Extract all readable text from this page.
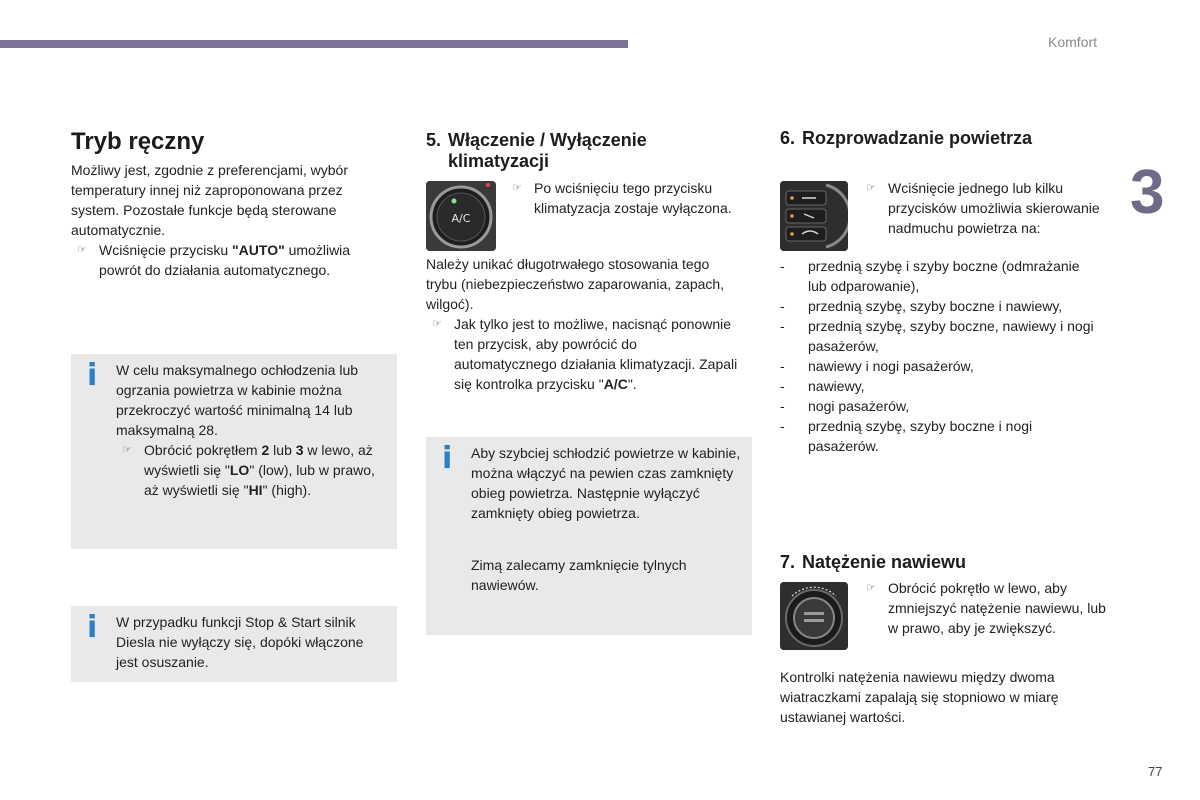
Komfort
3
77
Tryb ręczny

Możliwy jest, zgodnie z preferencjami, wybór temperatury innej niż zaproponowana przez system. Pozostałe funkcje będą sterowane automatycznie.

☞ Wciśnięcie przycisku "AUTO" umożliwia powrót do działania automatycznego.
i W celu maksymalnego ochłodzenia lub ogrzania powietrza w kabinie można przekroczyć wartość minimalną 14 lub maksymalną 28.

☞ Obrócić pokrętłem 2 lub 3 w lewo, aż wyświetli się "LO" (low), lub w prawo, aż wyświetli się "HI" (high).
i W przypadku funkcji Stop & Start silnik Diesla nie wyłączy się, dopóki włączone jest osuszanie.

5. Włączenie / Wyłączenie
klimatyzacji
A/C
☞ Po wciśnięciu tego przycisku klimatyzacja zostaje wyłączona.

Należy unikać długotrwałego stosowania tego trybu (niebezpieczeństwo zaparowania, zapach, wilgoć).

☞ Jak tylko jest to możliwe, nacisnąć ponownie ten przycisk, aby powrócić do automatycznego działania klimatyzacji. Zapali się kontrolka przycisku "A/C".
i Aby szybciej schłodzić powietrze w kabinie, można włączyć na pewien czas zamknięty obieg powietrza. Następnie wyłączyć zamknięty obieg powietrza.

Zimą zalecamy zamknięcie tylnych nawiewów.

6. Rozprowadzanie powietrza
☞ Wciśnięcie jednego lub kilku przycisków umożliwia skierowanie nadmuchu powietrza na:
- przednią szybę i szyby boczne (odmrażanie lub odparowanie),
- przednią szybę, szyby boczne i nawiewy,
- przednią szybę, szyby boczne, nawiewy i nogi pasażerów,
- nawiewy i nogi pasażerów,
- nawiewy,
- nogi pasażerów,
- przednią szybę, szyby boczne i nogi pasażerów.
7. Natężenie nawiewu
☞ Obrócić pokrętło w lewo, aby zmniejszyć natężenie nawiewu, lub w prawo, aby je zwiększyć.

Kontrolki natężenia nawiewu między dwoma wiatraczkami zapalają się stopniowo w miarę ustawianej wartości.
